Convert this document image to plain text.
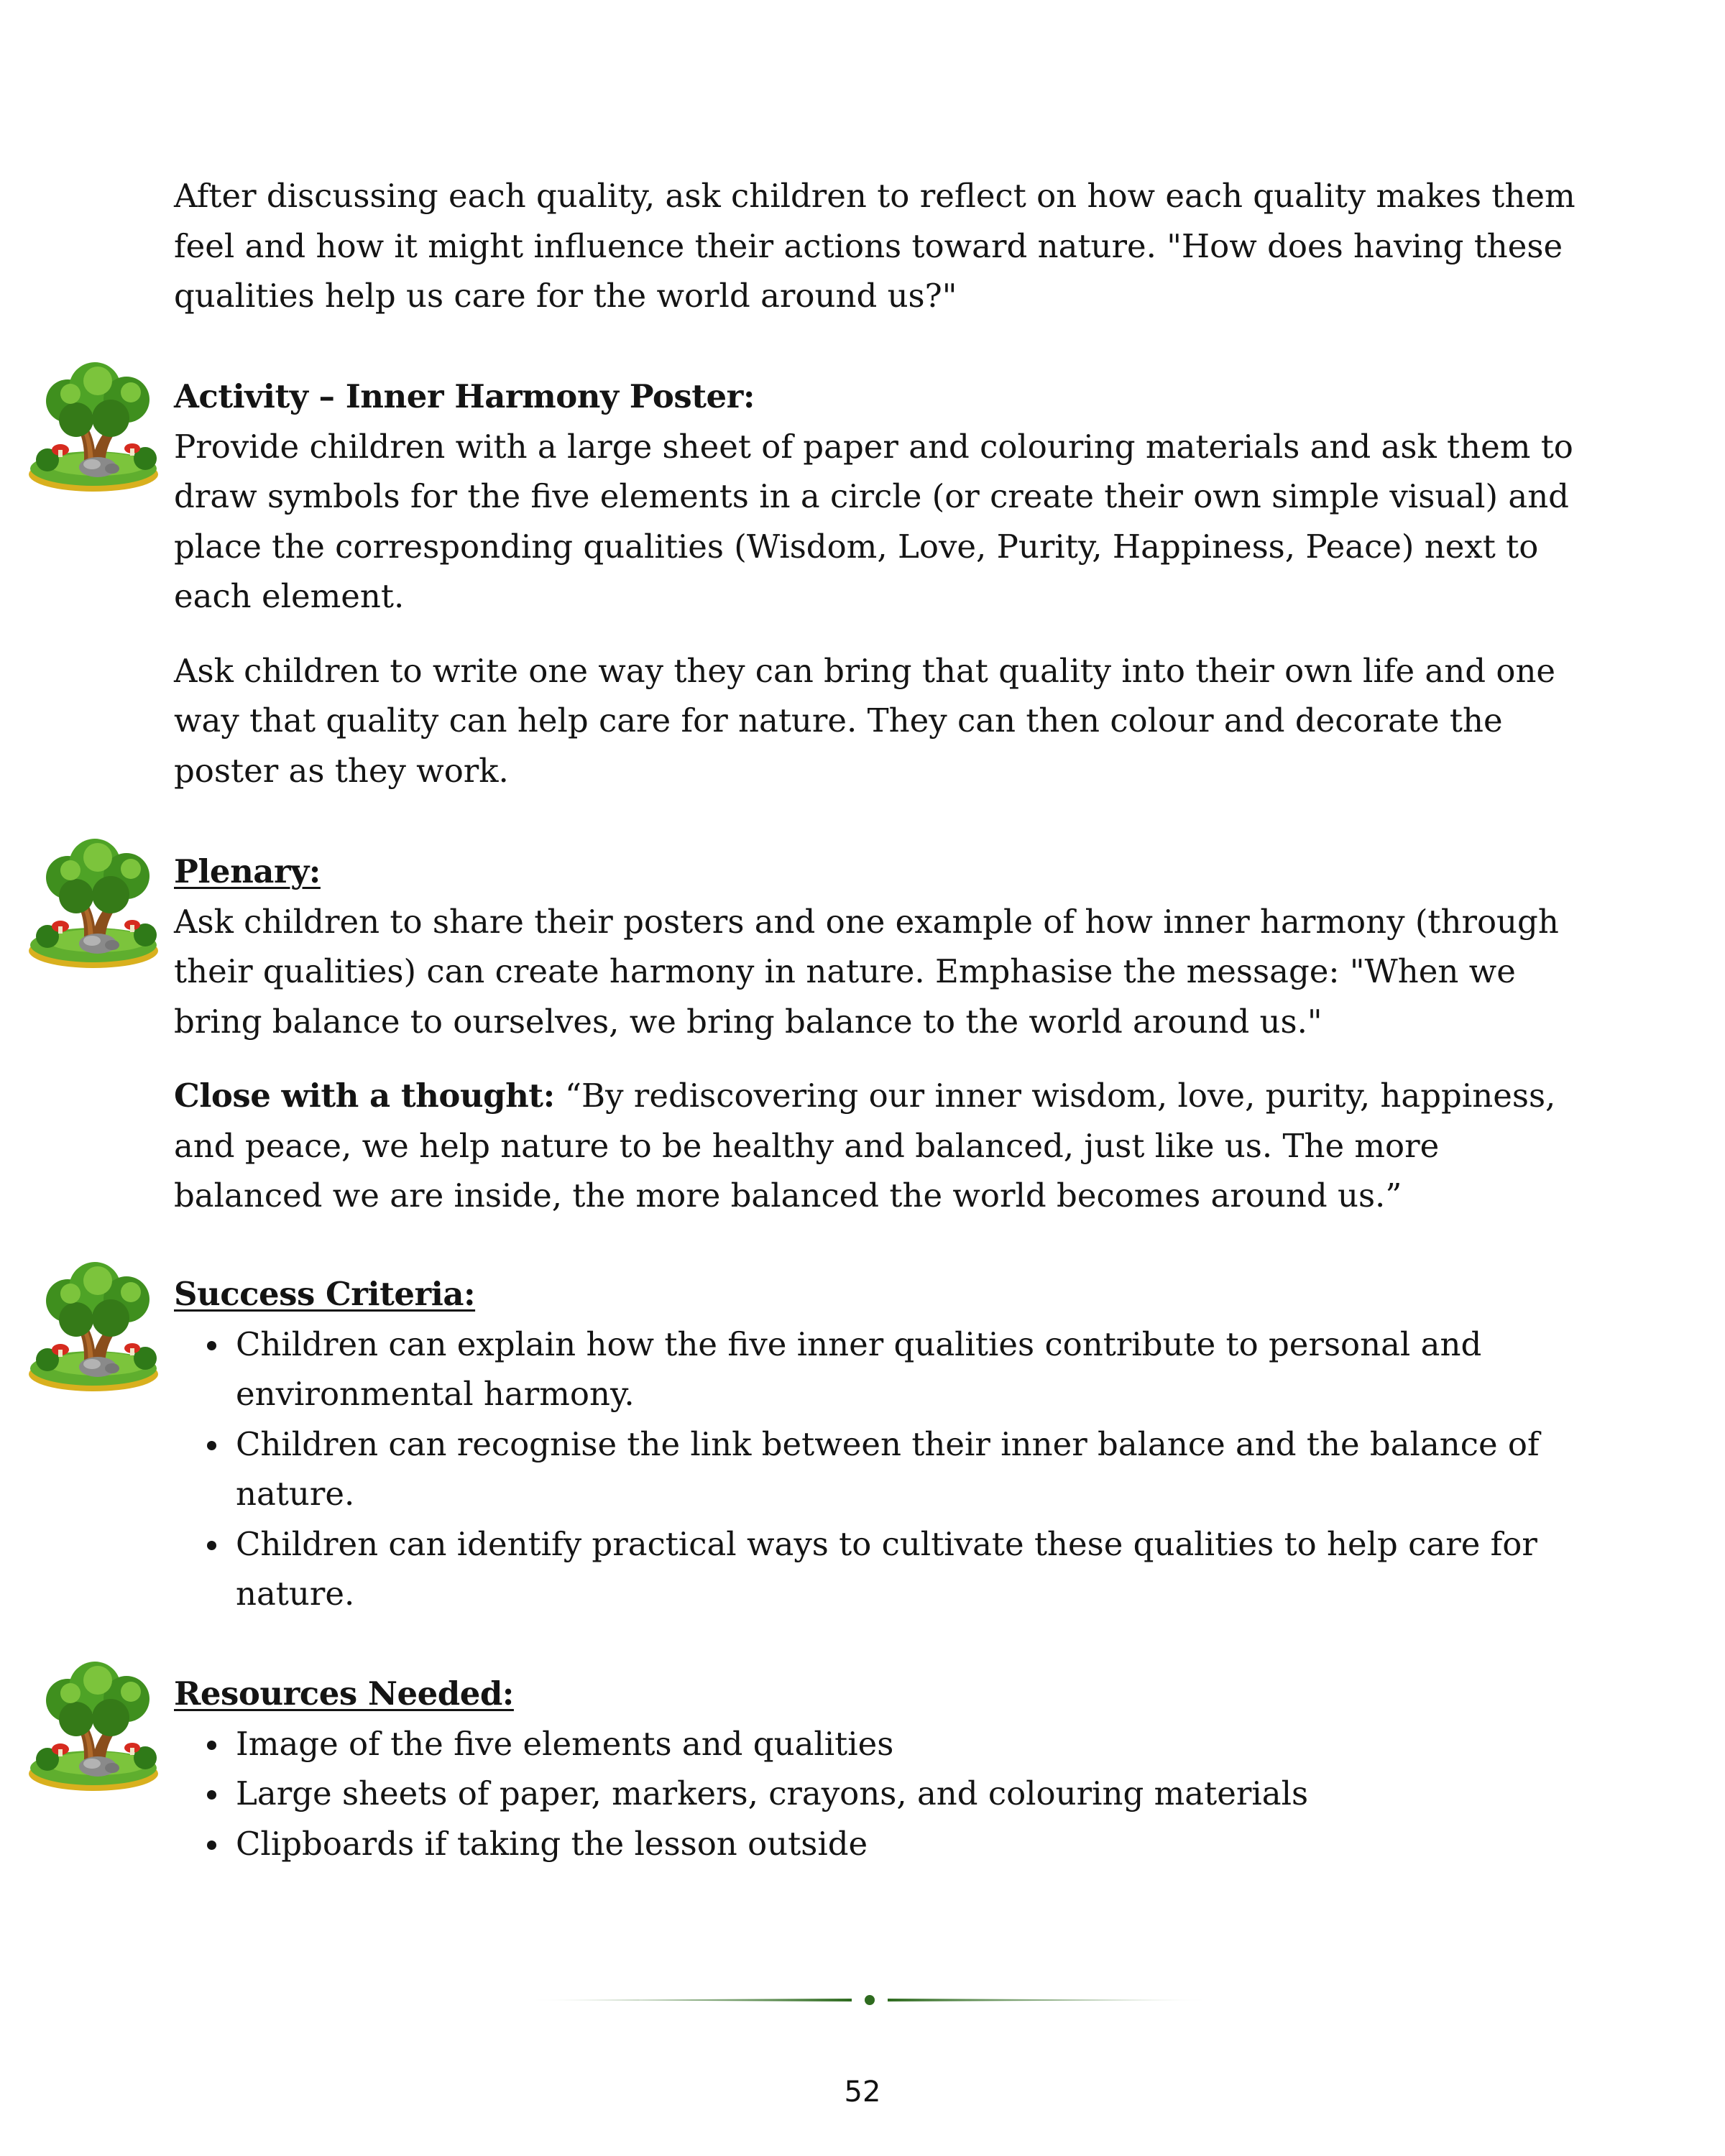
After discussing each quality, ask children to reflect on how each quality makes them feel and how it might influence their actions toward nature. "How does having these qualities help us care for the world around us?"

Activity – Inner Harmony Poster:

Provide children with a large sheet of paper and colouring materials and ask them to draw symbols for the five elements in a circle (or create their own simple visual) and place the corresponding qualities (Wisdom, Love, Purity, Happiness, Peace) next to each element.

Ask children to write one way they can bring that quality into their own life and one way that quality can help care for nature. They can then colour and decorate the poster as they work.

Plenary:

Ask children to share their posters and one example of how inner harmony (through their qualities) can create harmony in nature. Emphasise the message: "When we bring balance to ourselves, we bring balance to the world around us."

Close with a thought: “By rediscovering our inner wisdom, love, purity, happiness, and peace, we help nature to be healthy and balanced, just like us. The more balanced we are inside, the more balanced the world becomes around us.”

Success Criteria:
Children can explain how the five inner qualities contribute to personal and environmental harmony.
Children can recognise the link between their inner balance and the balance of nature.
Children can identify practical ways to cultivate these qualities to help care for nature.
Resources Needed:
Image of the five elements and qualities
Large sheets of paper, markers, crayons, and colouring materials
Clipboards if taking the lesson outside
52
